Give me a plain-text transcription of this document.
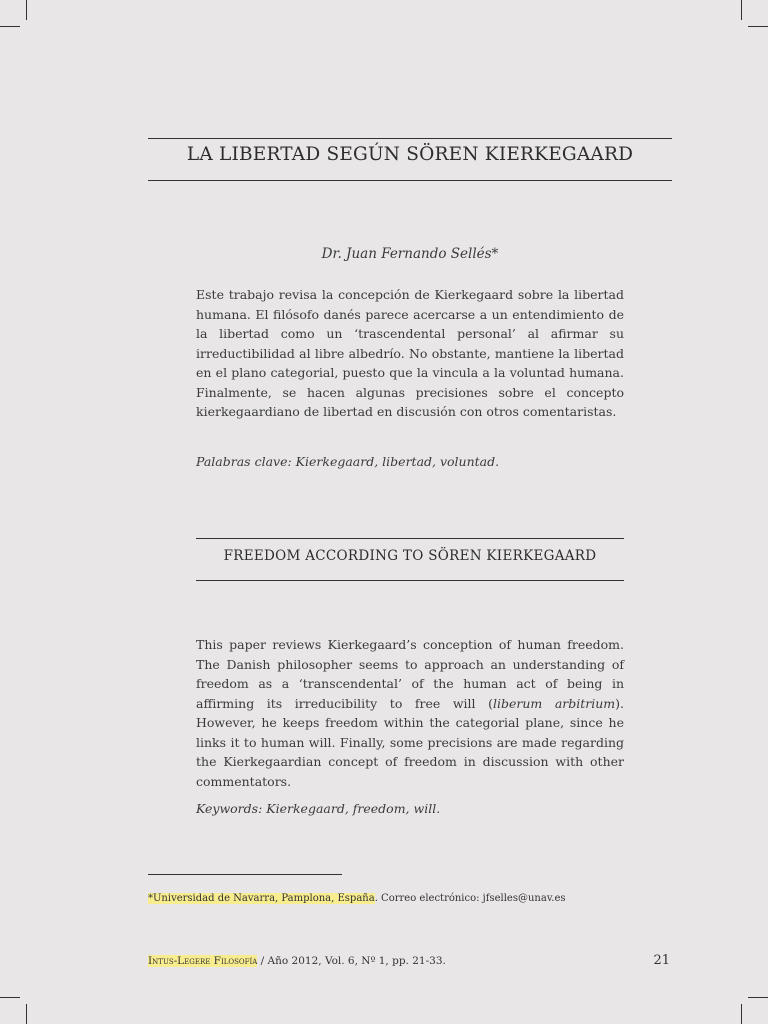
LA LIBERTAD SEGÚN SÖREN KIERKEGAARD
Dr. Juan Fernando Sellés*

Este trabajo revisa la concepción de Kierkegaard sobre la libertad humana. El filósofo danés parece acercarse a un entendimiento de la libertad como un ‘trascendental personal’ al afirmar su irreductibilidad al libre albedrío. No obstante, mantiene la libertad en el plano categorial, puesto que la vincula a la voluntad humana. Finalmente, se hacen algunas precisiones sobre el concepto kierkegaardiano de libertad en discusión con otros comentaristas.

Palabras clave: Kierkegaard, libertad, voluntad.

FREEDOM ACCORDING TO SÖREN KIERKEGAARD

This paper reviews Kierkegaard’s conception of human freedom. The Danish philosopher seems to approach an understanding of freedom as a ‘transcendental’ of the human act of being in affirming its irreducibility to free will (liberum arbitrium). However, he keeps freedom within the categorial plane, since he links it to human will. Finally, some precisions are made regarding the Kierkegaardian concept of freedom in discussion with other commentators.

Keywords: Kierkegaard, freedom, will.

*Universidad de Navarra, Pamplona, España. Correo electrónico: jfselles@unav.es
Intus-Legere Filosofía / Año 2012, Vol. 6, Nº 1, pp. 21-33.	21
